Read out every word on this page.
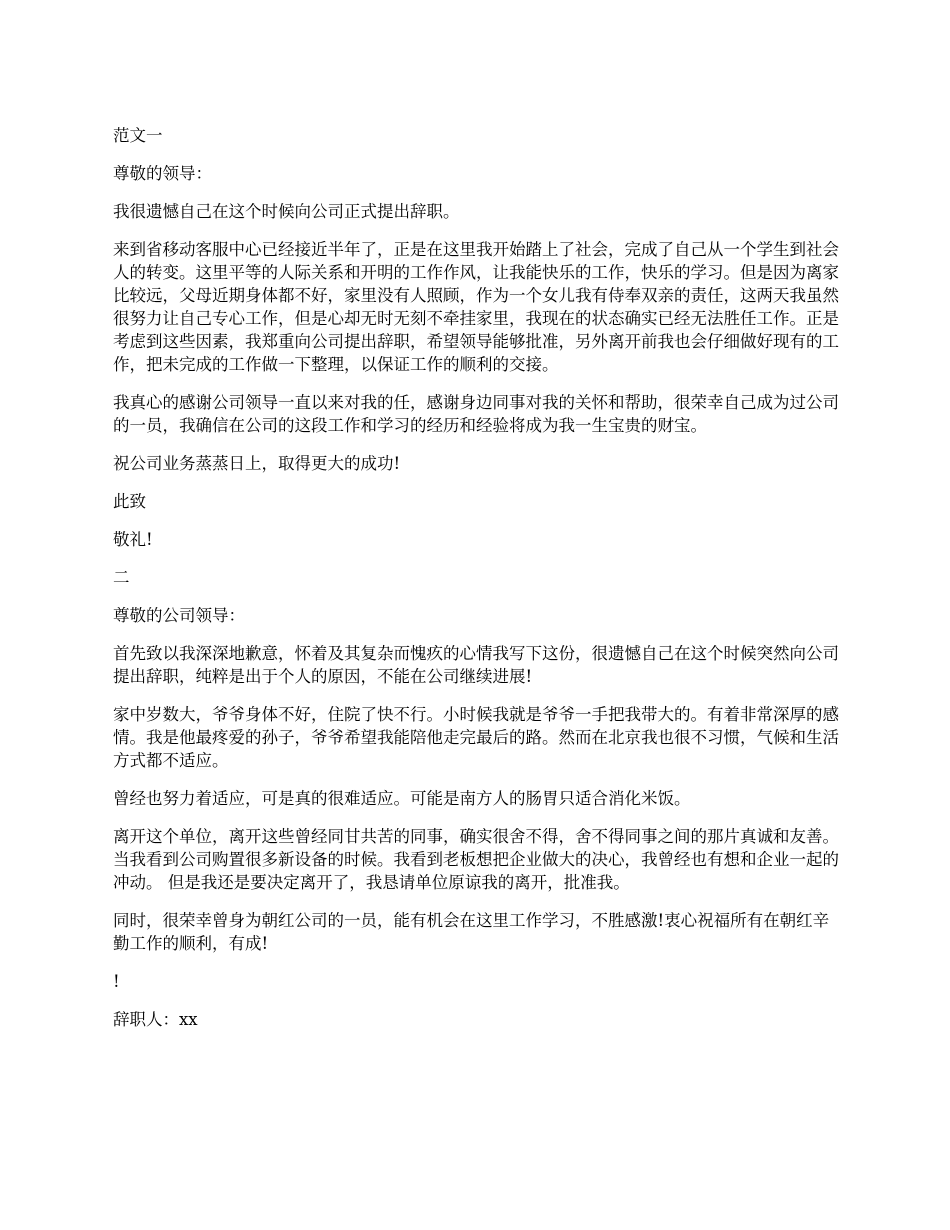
范文一

尊敬的领导：

我很遗憾自己在这个时候向公司正式提出辞职。

来到省移动客服中心已经接近半年了，正是在这里我开始踏上了社会，完成了自己从一个学生到社会人的转变。这里平等的人际关系和开明的工作作风，让我能快乐的工作，快乐的学习。但是因为离家比较远，父母近期身体都不好，家里没有人照顾，作为一个女儿我有侍奉双亲的责任，这两天我虽然很努力让自己专心工作，但是心却无时无刻不牵挂家里，我现在的状态确实已经无法胜任工作。正是考虑到这些因素，我郑重向公司提出辞职，希望领导能够批准，另外离开前我也会仔细做好现有的工作，把未完成的工作做一下整理，以保证工作的顺利的交接。

我真心的感谢公司领导一直以来对我的任，感谢身边同事对我的关怀和帮助，很荣幸自己成为过公司的一员，我确信在公司的这段工作和学习的经历和经验将成为我一生宝贵的财宝。

祝公司业务蒸蒸日上，取得更大的成功!

此致

敬礼!

二

尊敬的公司领导：

首先致以我深深地歉意，怀着及其复杂而愧疚的心情我写下这份，很遗憾自己在这个时候突然向公司提出辞职，纯粹是出于个人的原因，不能在公司继续进展!

家中岁数大，爷爷身体不好，住院了快不行。小时候我就是爷爷一手把我带大的。有着非常深厚的感情。我是他最疼爱的孙子，爷爷希望我能陪他走完最后的路。然而在北京我也很不习惯，气候和生活方式都不适应。

曾经也努力着适应，可是真的很难适应。可能是南方人的肠胃只适合消化米饭。

离开这个单位，离开这些曾经同甘共苦的同事，确实很舍不得，舍不得同事之间的那片真诚和友善。当我看到公司购置很多新设备的时候。我看到老板想把企业做大的决心，我曾经也有想和企业一起的冲动。 但是我还是要决定离开了，我恳请单位原谅我的离开，批准我。

同时，很荣幸曾身为朝红公司的一员，能有机会在这里工作学习，不胜感激!衷心祝福所有在朝红辛勤工作的顺利，有成!

!

辞职人：xx
